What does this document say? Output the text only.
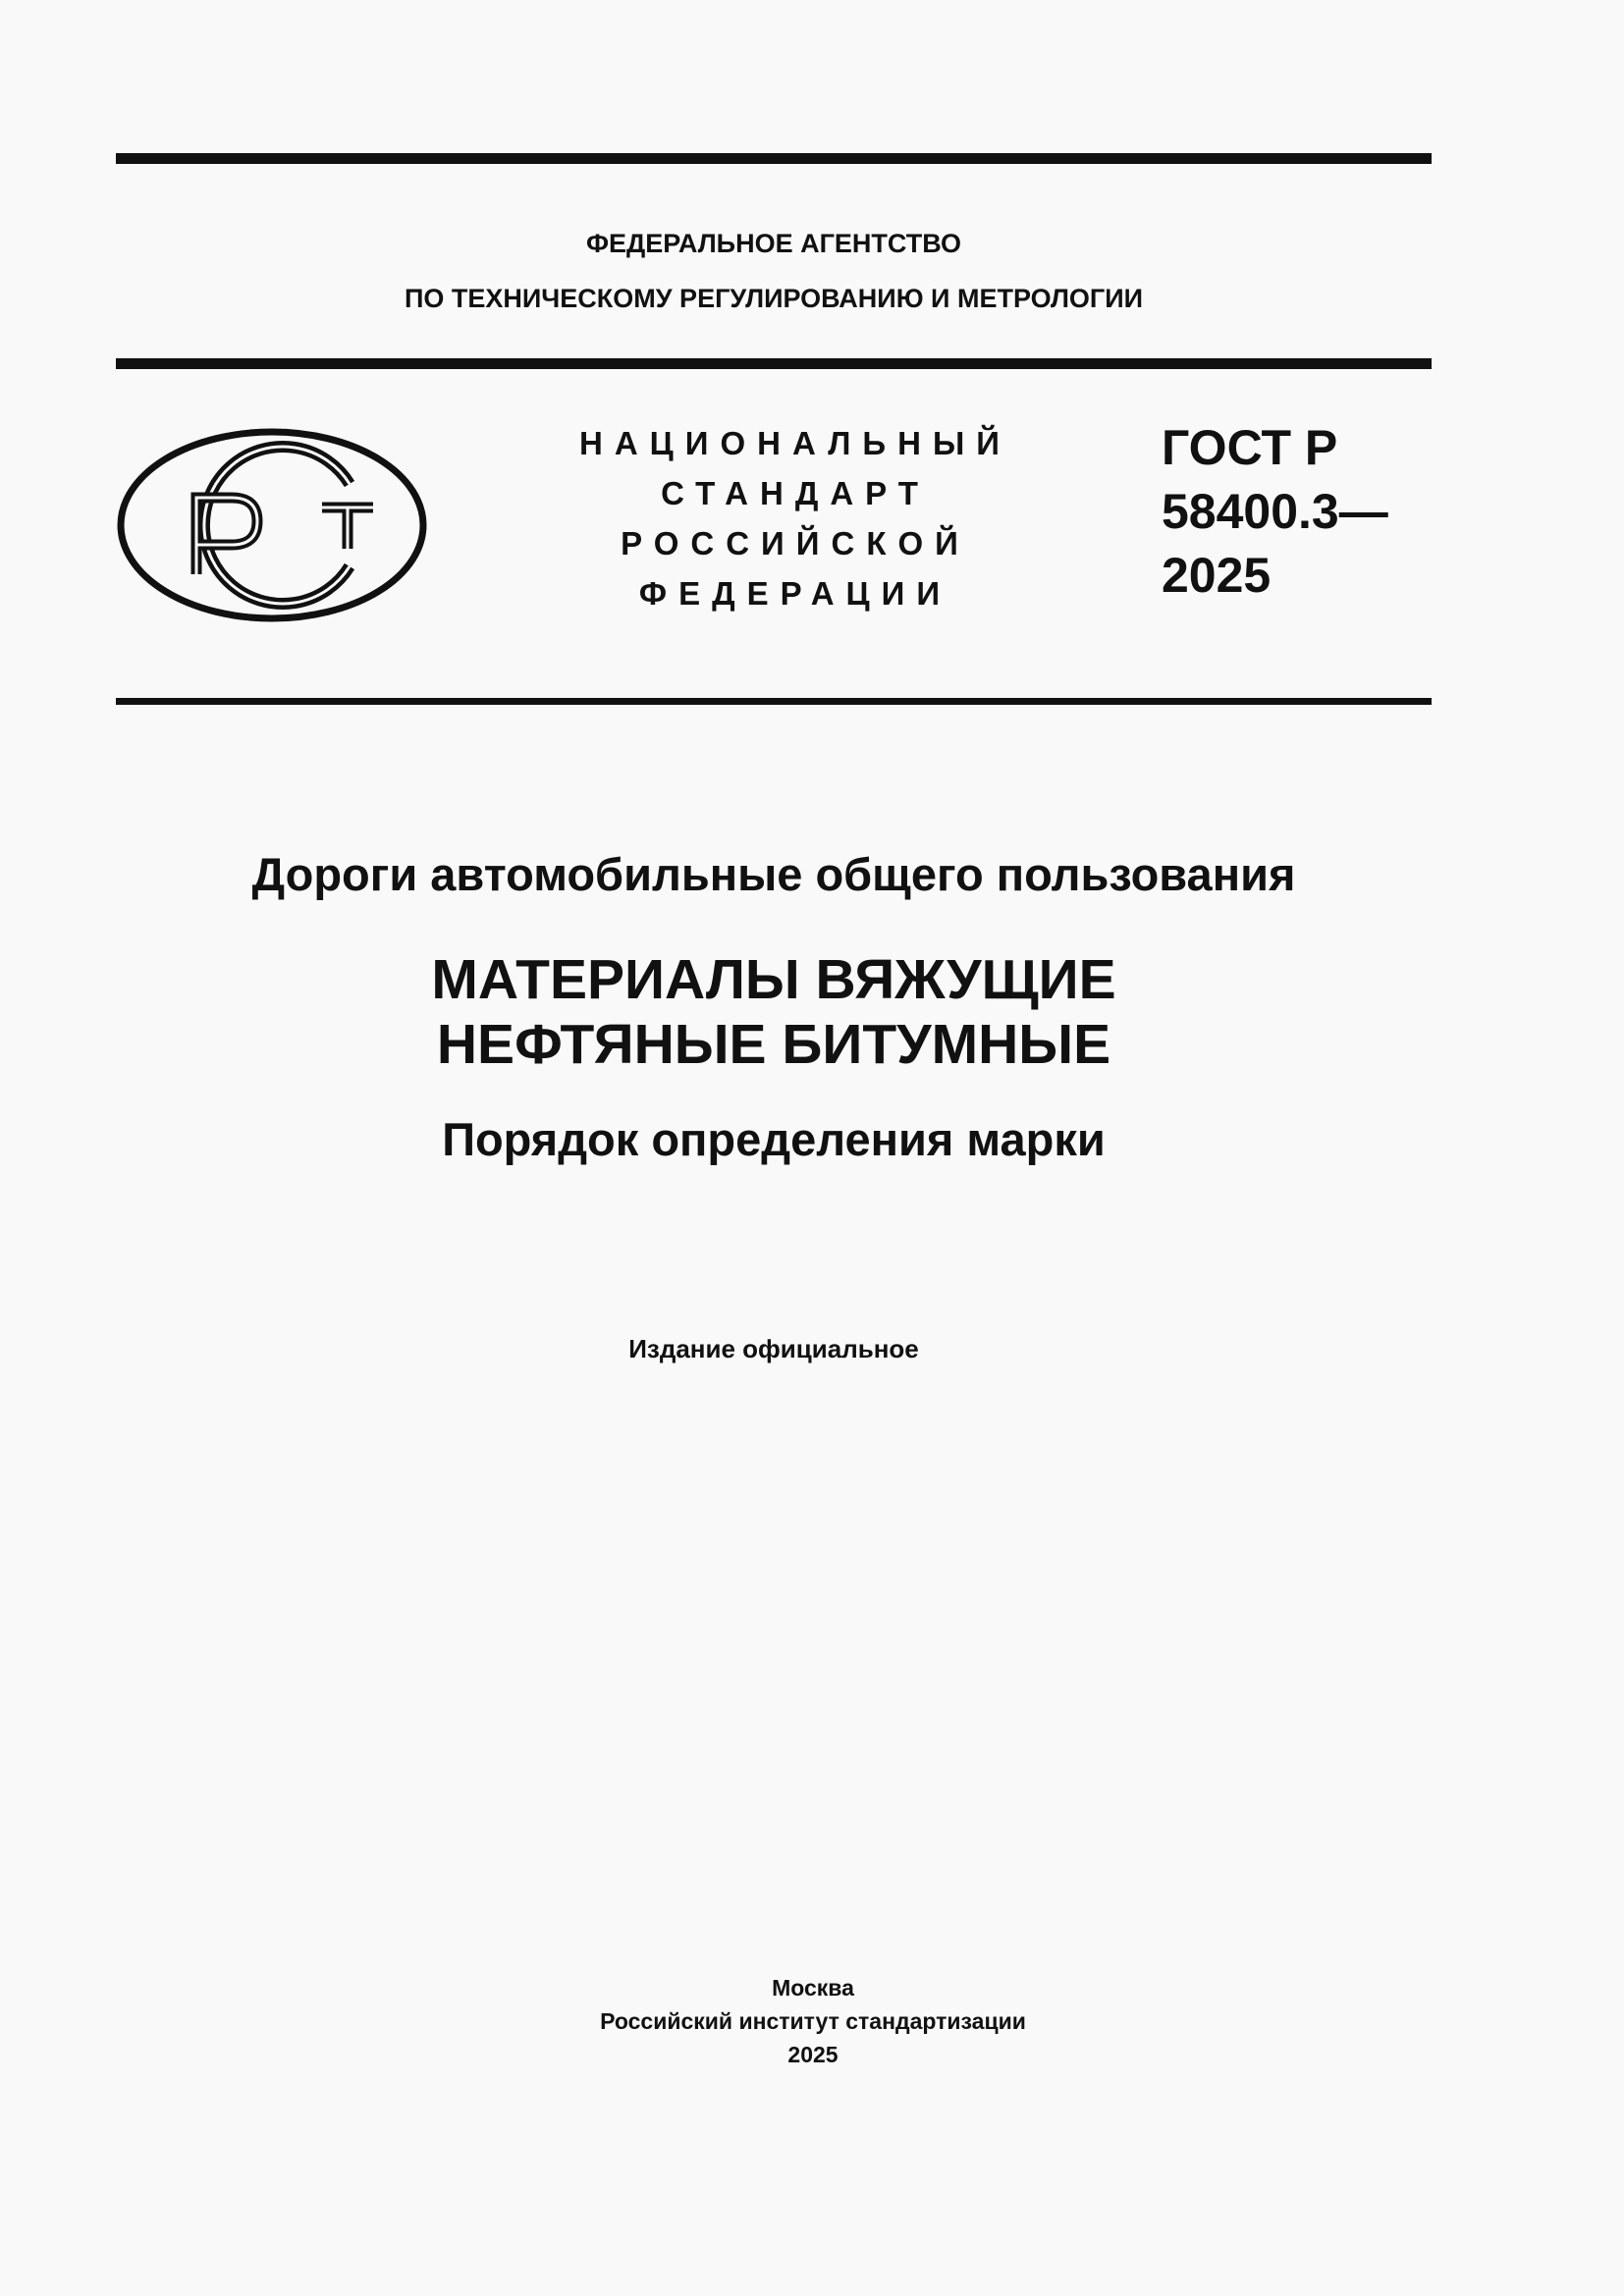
ФЕДЕРАЛЬНОЕ АГЕНТСТВО
ПО ТЕХНИЧЕСКОМУ РЕГУЛИРОВАНИЮ И МЕТРОЛОГИИ
НАЦИОНАЛЬНЫЙ
СТАНДАРТ
РОССИЙСКОЙ
ФЕДЕРАЦИИ
ГОСТ Р
58400.3—
2025
Дороги автомобильные общего пользования
МАТЕРИАЛЫ ВЯЖУЩИЕ
НЕФТЯНЫЕ БИТУМНЫЕ
Порядок определения марки
Издание официальное
Москва
Российский институт стандартизации
2025
